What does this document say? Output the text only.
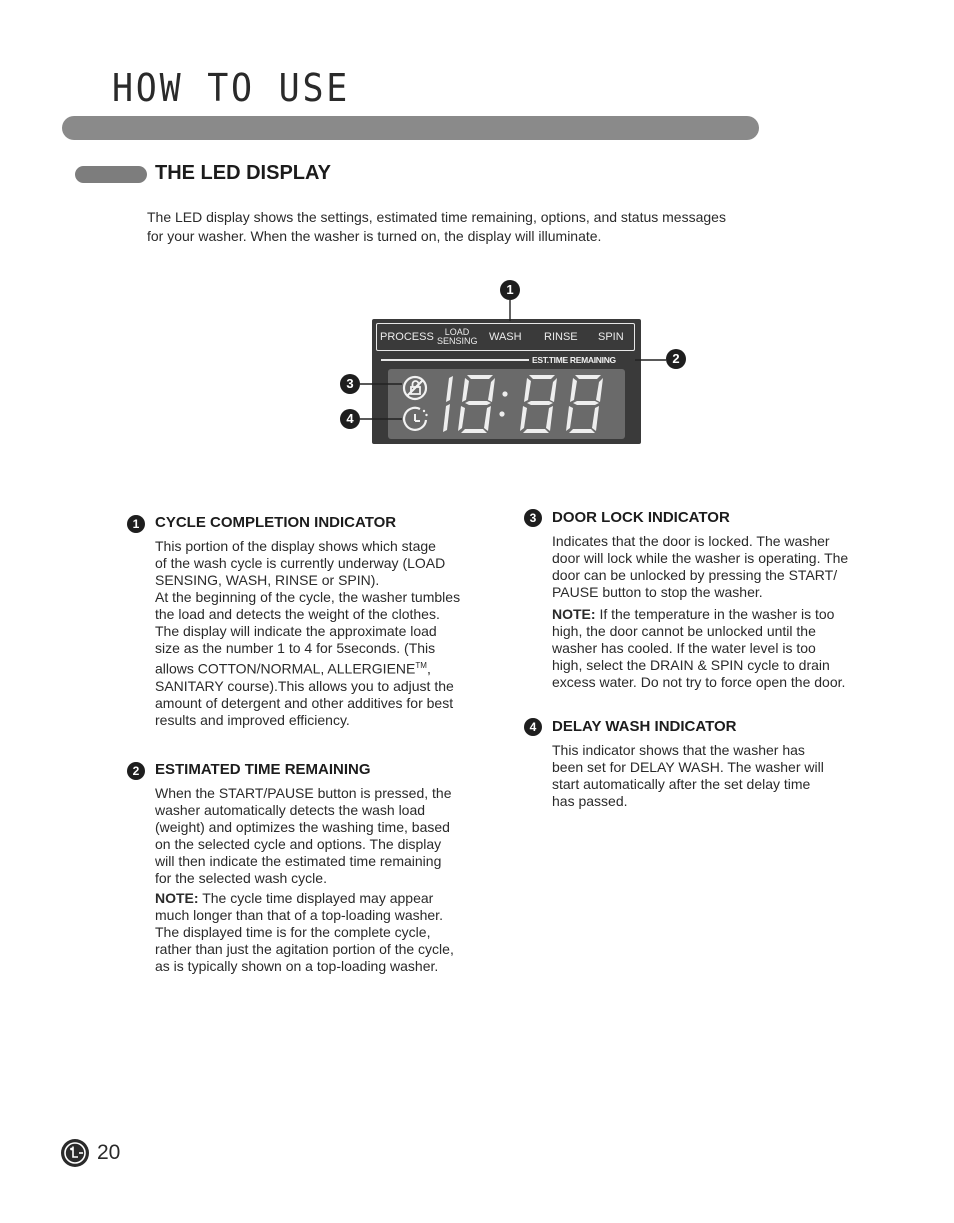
HOW TO USE
THE LED DISPLAY
The LED display shows the settings, estimated time remaining, options, and status messages
for your washer. When the washer is turned on, the display will illuminate.
PROCESS	LOAD
SENSING WASH RINSE SPIN
EST.TIME REMAINING
1
2
3
4
1	CYCLE COMPLETION INDICATOR
This portion of the display shows which stage
of the wash cycle is currently underway (LOAD
SENSING, WASH, RINSE or SPIN).
At the beginning of the cycle, the washer tumbles
the load and detects the weight of the clothes.
The display will indicate the approximate load
size as the number 1 to 4 for 5seconds. (This
allows COTTON/NORMAL, ALLERGIENE™,
SANITARY course).This allows you to adjust the
amount of detergent and other additives for best
results and improved efficiency.
2	ESTIMATED TIME REMAINING
When the START/PAUSE button is pressed, the
washer automatically detects the wash load
(weight) and optimizes the washing time, based
on the selected cycle and options. The display
will then indicate the estimated time remaining
for the selected wash cycle.
NOTE: The cycle time displayed may appear
much longer than that of a top-loading washer.
The displayed time is for the complete cycle,
rather than just the agitation portion of the cycle,
as is typically shown on a top-loading washer.
3	DOOR LOCK INDICATOR
Indicates that the door is locked. The washer
door will lock while the washer is operating. The
door can be unlocked by pressing the START/
PAUSE button to stop the washer.
NOTE: If the temperature in the washer is too
high, the door cannot be unlocked until the
washer has cooled. If the water level is too
high, select the DRAIN & SPIN cycle to drain
excess water. Do not try to force open the door.
4	DELAY WASH INDICATOR
This indicator shows that the washer has
been set for DELAY WASH. The washer will
start automatically after the set delay time
has passed.
20
